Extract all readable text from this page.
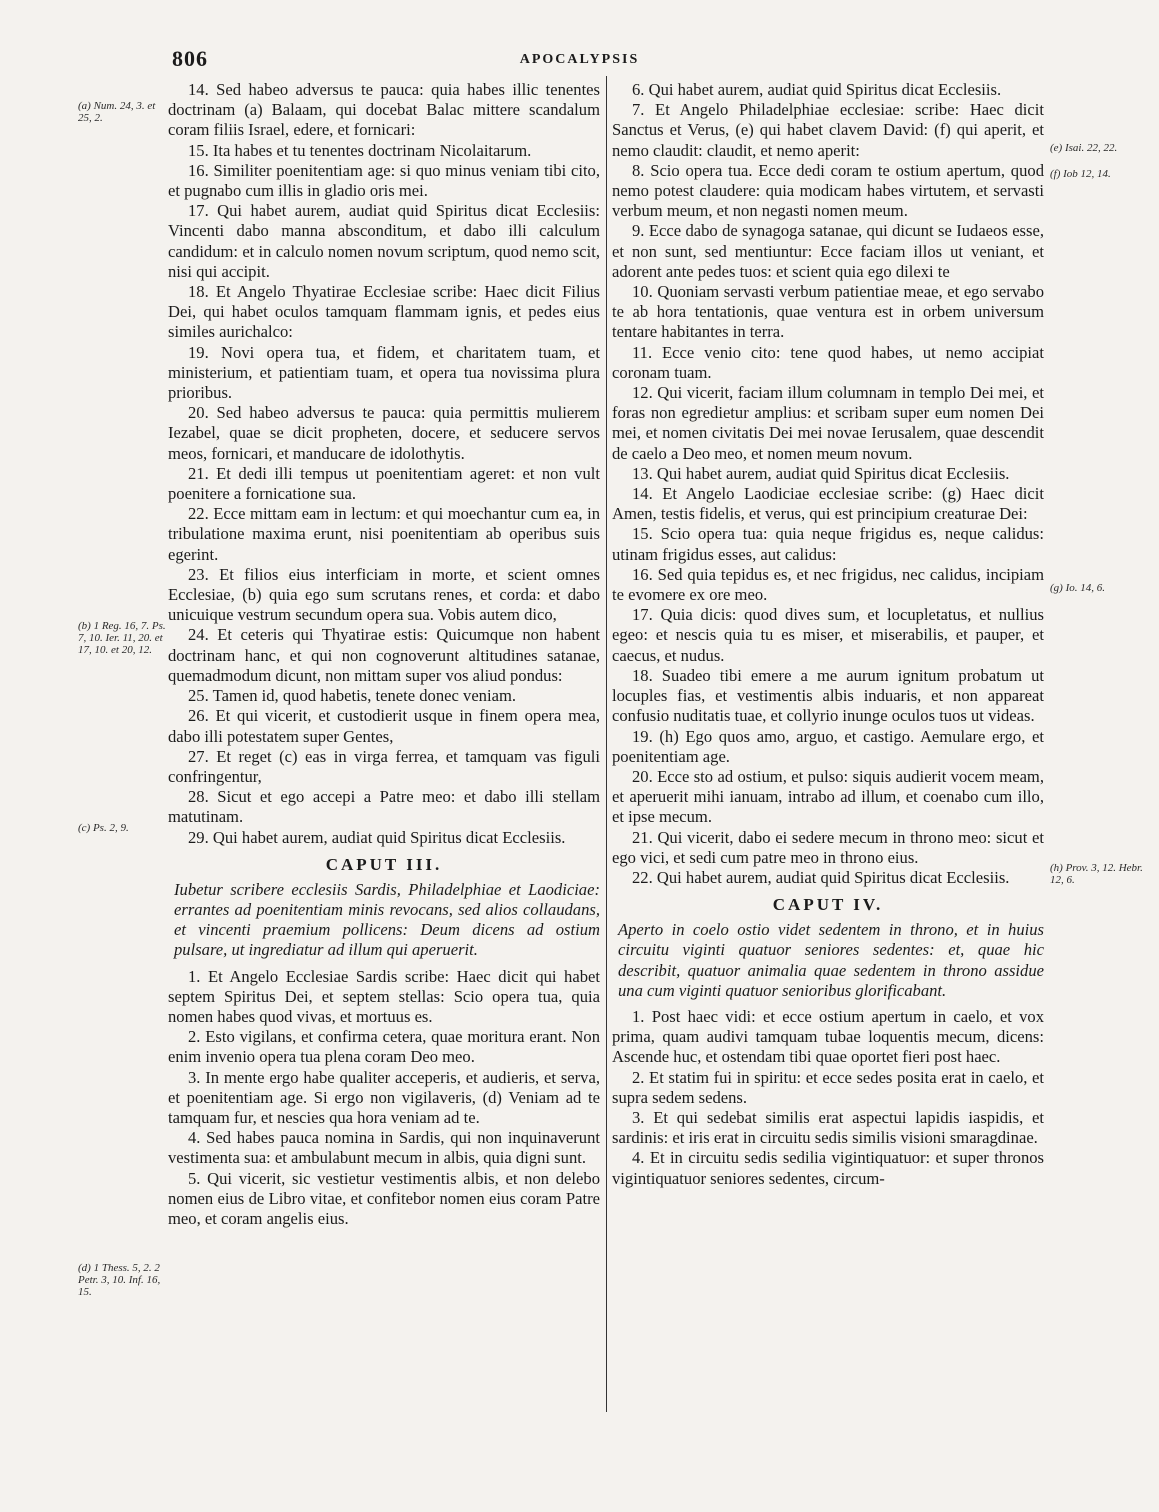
806	APOCALYPSIS

14. Sed habeo adversus te pauca: quia habes illic tenentes doctrinam (a) Balaam, qui docebat Balac mittere scandalum coram filiis Israel, edere, et fornicari:

15. Ita habes et tu tenentes doctrinam Nicolaitarum.

16. Similiter poenitentiam age: si quo minus veniam tibi cito, et pugnabo cum illis in gladio oris mei.

17. Qui habet aurem, audiat quid Spiritus dicat Ecclesiis: Vincenti dabo manna absconditum, et dabo illi calculum candidum: et in calculo nomen novum scriptum, quod nemo scit, nisi qui accipit.

18. Et Angelo Thyatirae Ecclesiae scribe: Haec dicit Filius Dei, qui habet oculos tamquam flammam ignis, et pedes eius similes aurichalco:

19. Novi opera tua, et fidem, et charitatem tuam, et ministerium, et patientiam tuam, et opera tua novissima plura prioribus.

20. Sed habeo adversus te pauca: quia permittis mulierem Iezabel, quae se dicit propheten, docere, et seducere servos meos, fornicari, et manducare de idolothytis.

21. Et dedi illi tempus ut poenitentiam ageret: et non vult poenitere a fornicatione sua.

22. Ecce mittam eam in lectum: et qui moechantur cum ea, in tribulatione maxima erunt, nisi poenitentiam ab operibus suis egerint.

23. Et filios eius interficiam in morte, et scient omnes Ecclesiae, (b) quia ego sum scrutans renes, et corda: et dabo unicuique vestrum secundum opera sua. Vobis autem dico,

24. Et ceteris qui Thyatirae estis: Quicumque non habent doctrinam hanc, et qui non cognoverunt altitudines satanae, quemadmodum dicunt, non mittam super vos aliud pondus:

25. Tamen id, quod habetis, tenete donec veniam.

26. Et qui vicerit, et custodierit usque in finem opera mea, dabo illi potestatem super Gentes,

27. Et reget (c) eas in virga ferrea, et tamquam vas figuli confringentur,

28. Sicut et ego accepi a Patre meo: et dabo illi stellam matutinam.

29. Qui habet aurem, audiat quid Spiritus dicat Ecclesiis.

CAPUT III.

Iubetur scribere ecclesiis Sardis, Philadelphiae et Laodiciae: errantes ad poenitentiam minis revocans, sed alios collaudans, et vincenti praemium pollicens: Deum dicens ad ostium pulsare, ut ingrediatur ad illum qui aperuerit.

1. Et Angelo Ecclesiae Sardis scribe: Haec dicit qui habet septem Spiritus Dei, et septem stellas: Scio opera tua, quia nomen habes quod vivas, et mortuus es.

2. Esto vigilans, et confirma cetera, quae moritura erant. Non enim invenio opera tua plena coram Deo meo.

3. In mente ergo habe qualiter acceperis, et audieris, et serva, et poenitentiam age. Si ergo non vigilaveris, (d) Veniam ad te tamquam fur, et nescies qua hora veniam ad te.

4. Sed habes pauca nomina in Sardis, qui non inquinaverunt vestimenta sua: et ambulabunt mecum in albis, quia digni sunt.

5. Qui vicerit, sic vestietur vestimentis albis, et non delebo nomen eius de Libro vitae, et confitebor nomen eius coram Patre meo, et coram angelis eius.

6. Qui habet aurem, audiat quid Spiritus dicat Ecclesiis.

7. Et Angelo Philadelphiae ecclesiae: scribe: Haec dicit Sanctus et Verus, (e) qui habet clavem David: (f) qui aperit, et nemo claudit: claudit, et nemo aperit:

8. Scio opera tua. Ecce dedi coram te ostium apertum, quod nemo potest claudere: quia modicam habes virtutem, et servasti verbum meum, et non negasti nomen meum.

9. Ecce dabo de synagoga satanae, qui dicunt se Iudaeos esse, et non sunt, sed mentiuntur: Ecce faciam illos ut veniant, et adorent ante pedes tuos: et scient quia ego dilexi te

10. Quoniam servasti verbum patientiae meae, et ego servabo te ab hora tentationis, quae ventura est in orbem universum tentare habitantes in terra.

11. Ecce venio cito: tene quod habes, ut nemo accipiat coronam tuam.

12. Qui vicerit, faciam illum columnam in templo Dei mei, et foras non egredietur amplius: et scribam super eum nomen Dei mei, et nomen civitatis Dei mei novae Ierusalem, quae descendit de caelo a Deo meo, et nomen meum novum.

13. Qui habet aurem, audiat quid Spiritus dicat Ecclesiis.

14. Et Angelo Laodiciae ecclesiae scribe: (g) Haec dicit Amen, testis fidelis, et verus, qui est principium creaturae Dei:

15. Scio opera tua: quia neque frigidus es, neque calidus: utinam frigidus esses, aut calidus:

16. Sed quia tepidus es, et nec frigidus, nec calidus, incipiam te evomere ex ore meo.

17. Quia dicis: quod dives sum, et locupletatus, et nullius egeo: et nescis quia tu es miser, et miserabilis, et pauper, et caecus, et nudus.

18. Suadeo tibi emere a me aurum ignitum probatum ut locuples fias, et vestimentis albis induaris, et non appareat confusio nuditatis tuae, et collyrio inunge oculos tuos ut videas.

19. (h) Ego quos amo, arguo, et castigo. Aemulare ergo, et poenitentiam age.

20. Ecce sto ad ostium, et pulso: siquis audierit vocem meam, et aperuerit mihi ianuam, intrabo ad illum, et coenabo cum illo, et ipse mecum.

21. Qui vicerit, dabo ei sedere mecum in throno meo: sicut et ego vici, et sedi cum patre meo in throno eius.

22. Qui habet aurem, audiat quid Spiritus dicat Ecclesiis.

CAPUT IV.

Aperto in coelo ostio videt sedentem in throno, et in huius circuitu viginti quatuor seniores sedentes: et, quae hic describit, quatuor animalia quae sedentem in throno assidue una cum viginti quatuor senioribus glorificabant.

1. Post haec vidi: et ecce ostium apertum in caelo, et vox prima, quam audivi tamquam tubae loquentis mecum, dicens: Ascende huc, et ostendam tibi quae oportet fieri post haec.

2. Et statim fui in spiritu: et ecce sedes posita erat in caelo, et supra sedem sedens.

3. Et qui sedebat similis erat aspectui lapidis iaspidis, et sardinis: et iris erat in circuitu sedis similis visioni smaragdinae.

4. Et in circuitu sedis sedilia vigintiquatuor: et super thronos vigintiquatuor seniores sedentes, circum-

(a) Num. 24, 3. et 25, 2.
(b) 1 Reg. 16, 7. Ps. 7, 10. Ier. 11, 20. et 17, 10. et 20, 12.
(c) Ps. 2, 9.
(d) 1 Thess. 5, 2. 2 Petr. 3, 10. Inf. 16, 15.
(e) Isai. 22, 22.
(f) Iob 12, 14.
(g) Io. 14, 6.
(h) Prov. 3, 12. Hebr. 12, 6.
